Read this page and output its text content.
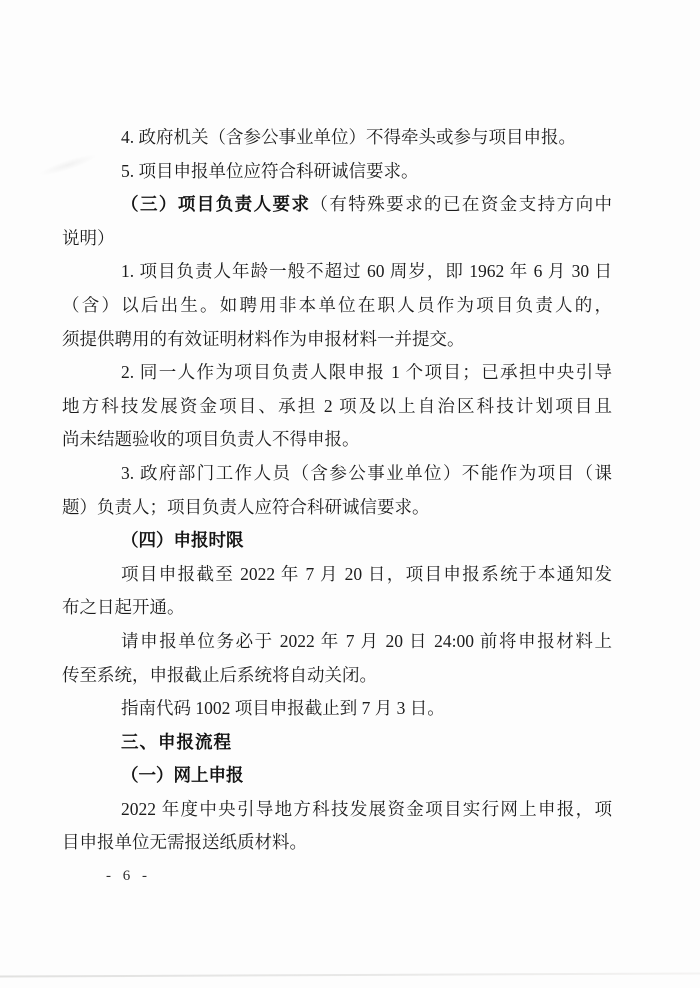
4. 政府机关（含参公事业单位）不得牵头或参与项目申报。
5. 项目申报单位应符合科研诚信要求。
（三）项目负责人要求（有特殊要求的已在资金支持方向中
说明）
1. 项目负责人年龄一般不超过 60 周岁，即 1962 年 6 月 30 日
（含）以后出生。如聘用非本单位在职人员作为项目负责人的，
须提供聘用的有效证明材料作为申报材料一并提交。
2. 同一人作为项目负责人限申报 1 个项目；已承担中央引导
地方科技发展资金项目、承担 2 项及以上自治区科技计划项目且
尚未结题验收的项目负责人不得申报。
3. 政府部门工作人员（含参公事业单位）不能作为项目（课
题）负责人；项目负责人应符合科研诚信要求。
（四）申报时限
项目申报截至 2022 年 7 月 20 日，项目申报系统于本通知发
布之日起开通。
请申报单位务必于 2022 年 7 月 20 日 24:00 前将申报材料上
传至系统，申报截止后系统将自动关闭。
指南代码 1002 项目申报截止到 7 月 3 日。
三、申报流程
（一）网上申报
2022 年度中央引导地方科技发展资金项目实行网上申报，项
目申报单位无需报送纸质材料。
- 6 -
